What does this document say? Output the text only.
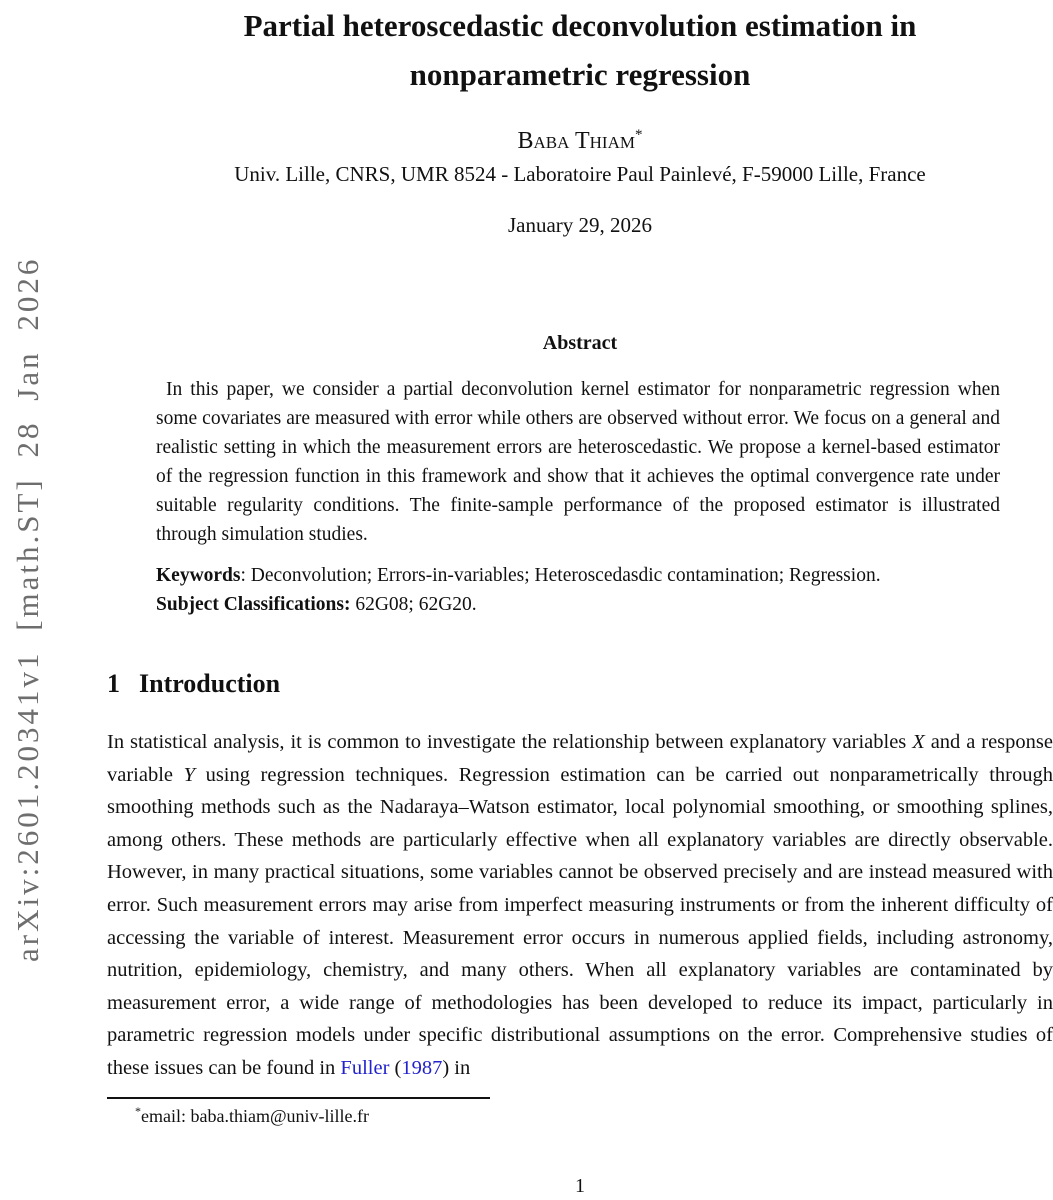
arXiv:2601.20341v1 [math.ST] 28 Jan 2026
Partial heteroscedastic deconvolution estimation in
nonparametric regression
Baba Thiam*
Univ. Lille, CNRS, UMR 8524 - Laboratoire Paul Painlevé, F-59000 Lille, France
January 29, 2026
Abstract
In this paper, we consider a partial deconvolution kernel estimator for nonparametric regression when some covariates are measured with error while others are observed without error. We focus on a general and realistic setting in which the measurement errors are heteroscedastic. We propose a kernel-based estimator of the regression function in this framework and show that it achieves the optimal convergence rate under suitable regularity conditions. The finite-sample performance of the proposed estimator is illustrated through simulation studies.
Keywords: Deconvolution; Errors-in-variables; Heteroscedasdic contamination; Regression.
Subject Classifications: 62G08; 62G20.
1 Introduction
In statistical analysis, it is common to investigate the relationship between explanatory variables X and a response variable Y using regression techniques. Regression estimation can be carried out nonparametrically through smoothing methods such as the Nadaraya–Watson estimator, local polynomial smoothing, or smoothing splines, among others. These methods are particularly effective when all explanatory variables are directly observable. However, in many practical situations, some variables cannot be observed precisely and are instead measured with error. Such measurement errors may arise from imperfect measuring instruments or from the inherent difficulty of accessing the variable of interest. Measurement error occurs in numerous applied fields, including astronomy, nutrition, epidemiology, chemistry, and many others. When all explanatory variables are contaminated by measurement error, a wide range of methodologies has been developed to reduce its impact, particularly in parametric regression models under specific distributional assumptions on the error. Comprehensive studies of these issues can be found in Fuller (1987) in
*email: baba.thiam@univ-lille.fr
1
